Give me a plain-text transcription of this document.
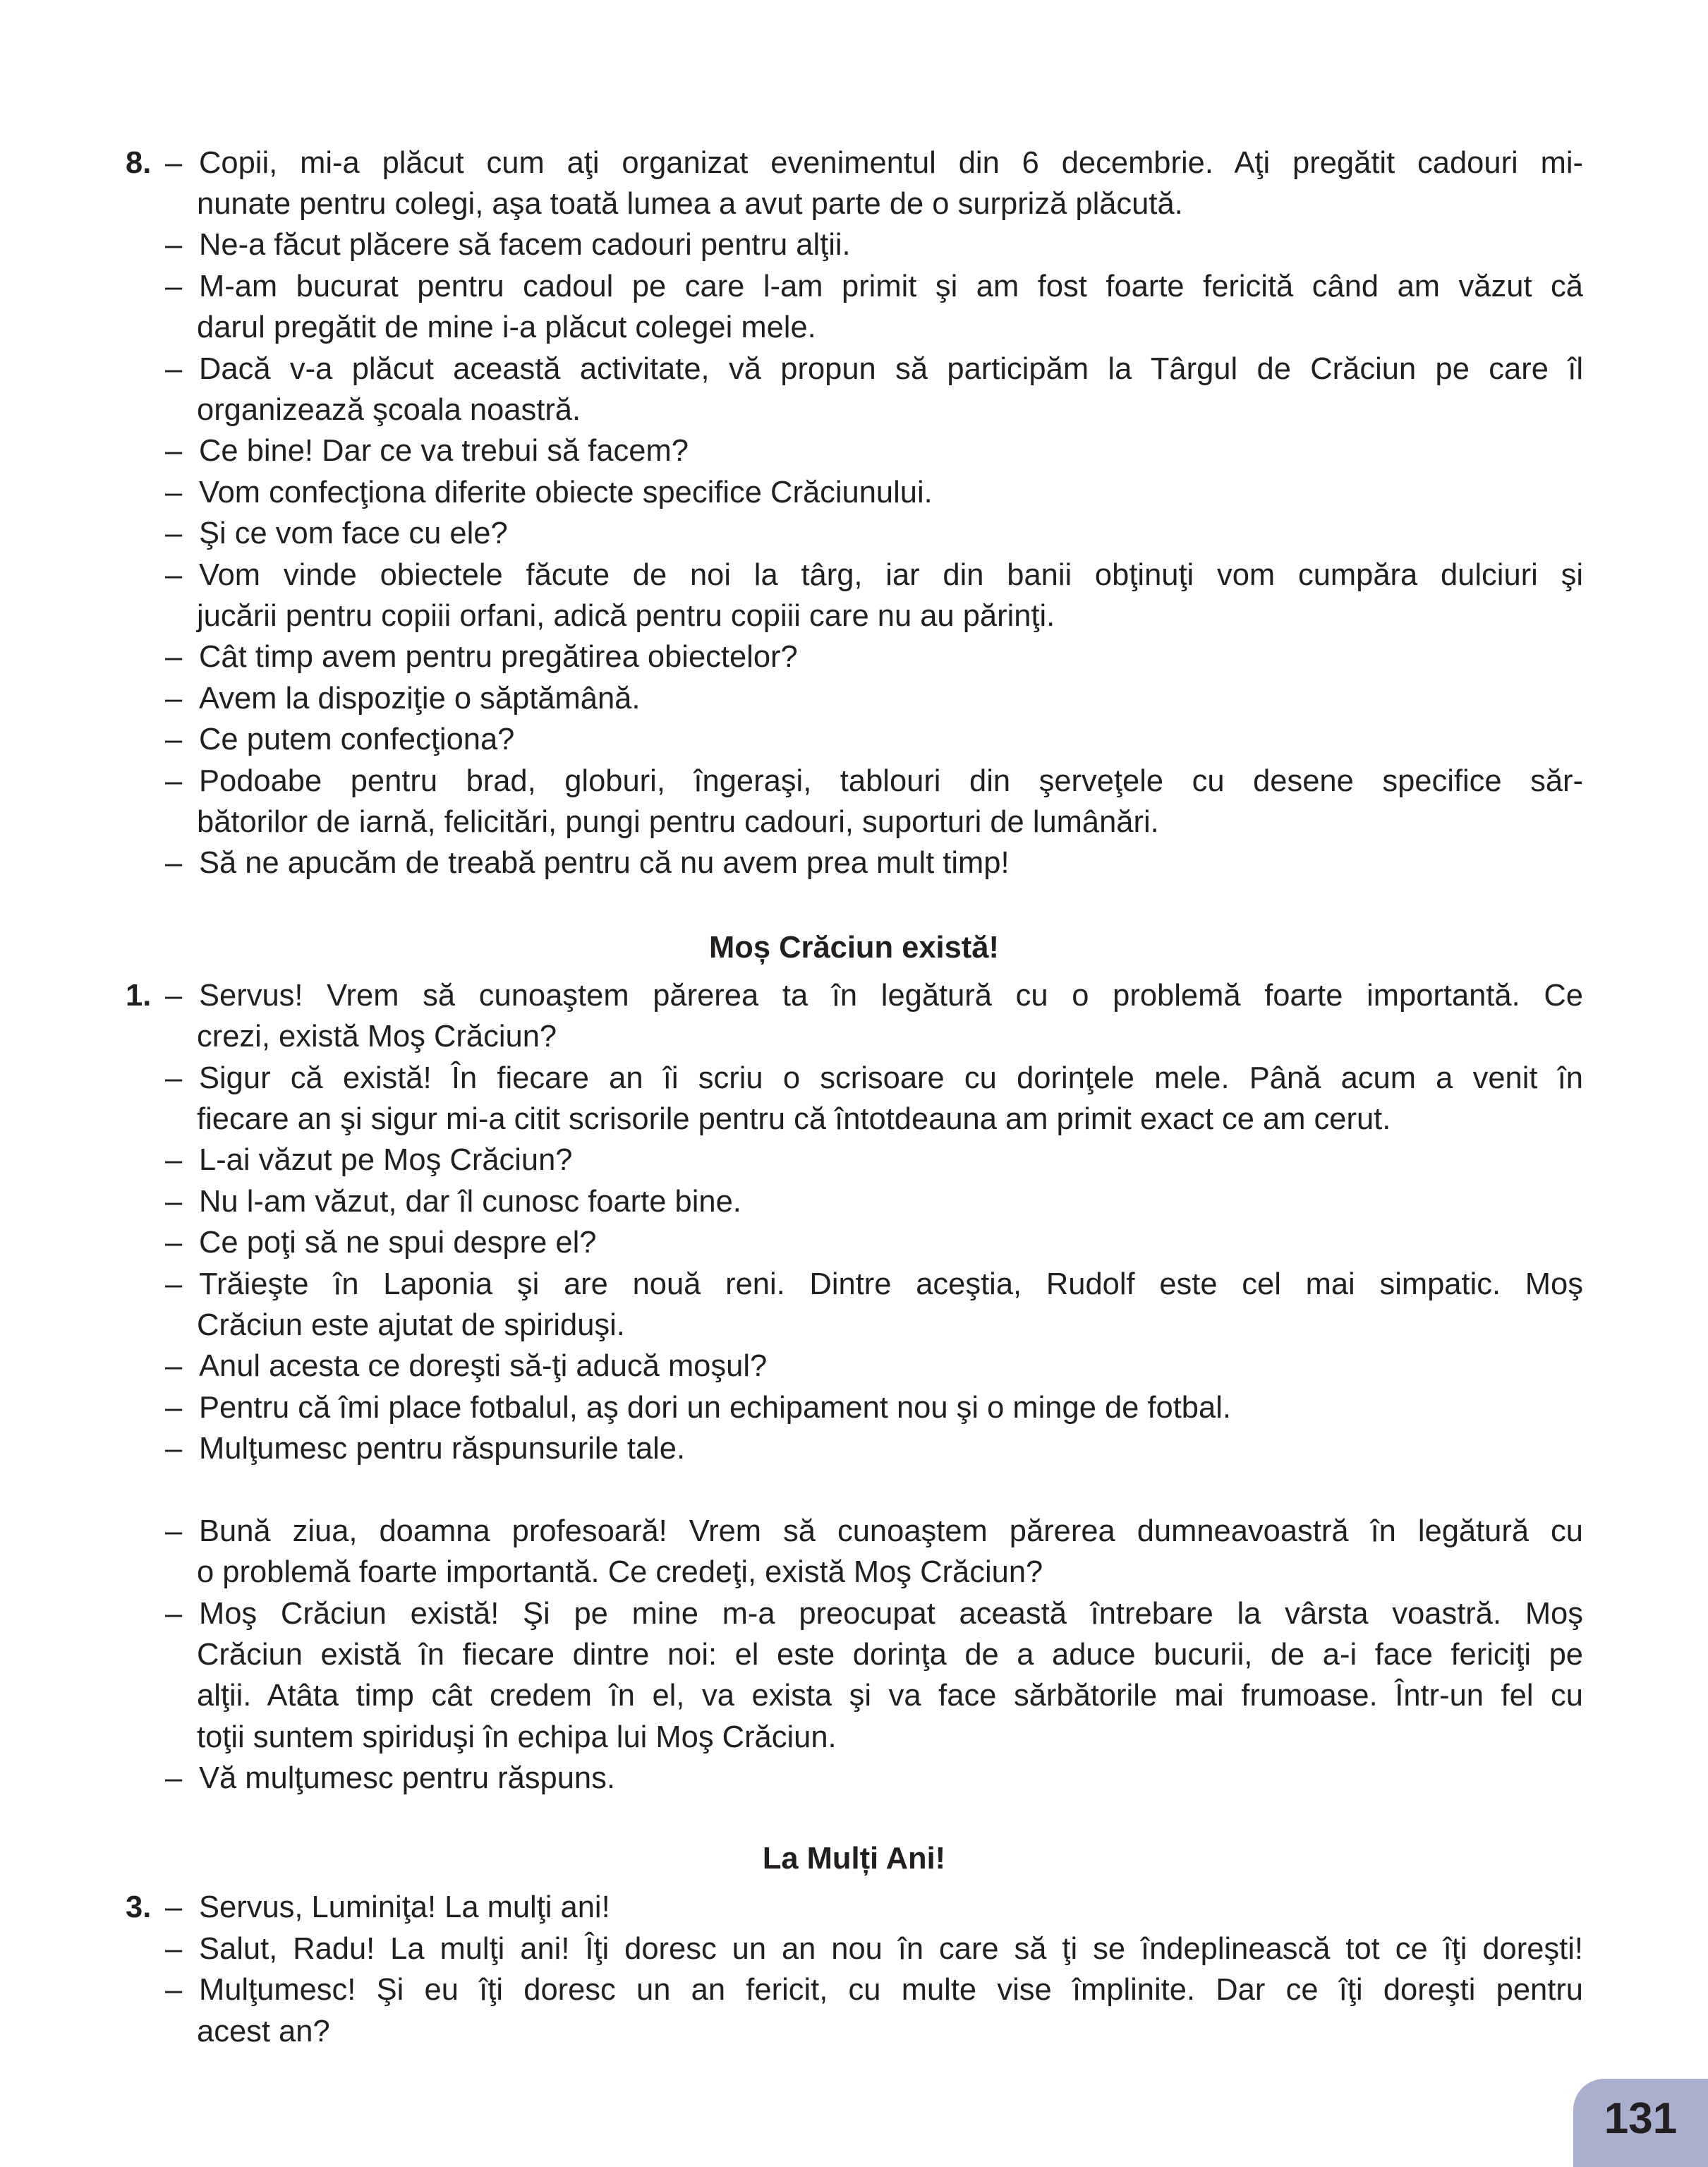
8. – Copii, mi-a plăcut cum aţi organizat evenimentul din 6 decembrie. Aţi pregătit cadouri mi-
nunate pentru colegi, aşa toată lumea a avut parte de o surpriză plăcută.
– Ne-a făcut plăcere să facem cadouri pentru alţii.
– M-am bucurat pentru cadoul pe care l-am primit şi am fost foarte fericită când am văzut că
darul pregătit de mine i-a plăcut colegei mele.
– Dacă v-a plăcut această activitate, vă propun să participăm la Târgul de Crăciun pe care îl
organizează şcoala noastră.
– Ce bine! Dar ce va trebui să facem?
– Vom confecţiona diferite obiecte specifice Crăciunului.
– Şi ce vom face cu ele?
– Vom vinde obiectele făcute de noi la târg, iar din banii obţinuţi vom cumpăra dulciuri şi
jucării pentru copiii orfani, adică pentru copiii care nu au părinţi.
– Cât timp avem pentru pregătirea obiectelor?
– Avem la dispoziţie o săptămână.
– Ce putem confecţiona?
– Podoabe pentru brad, globuri, îngeraşi, tablouri din şerveţele cu desene specifice săr-
bătorilor de iarnă, felicitări, pungi pentru cadouri, suporturi de lumânări.
– Să ne apucăm de treabă pentru că nu avem prea mult timp!
Moș Crăciun există!
1. – Servus! Vrem să cunoaştem părerea ta în legătură cu o problemă foarte importantă. Ce
crezi, există Moş Crăciun?
– Sigur că există! În fiecare an îi scriu o scrisoare cu dorinţele mele. Până acum a venit în
fiecare an şi sigur mi-a citit scrisorile pentru că întotdeauna am primit exact ce am cerut.
– L-ai văzut pe Moş Crăciun?
– Nu l-am văzut, dar îl cunosc foarte bine.
– Ce poţi să ne spui despre el?
– Trăieşte în Laponia şi are nouă reni. Dintre aceştia, Rudolf este cel mai simpatic. Moş
Crăciun este ajutat de spiriduşi.
– Anul acesta ce doreşti să-ţi aducă moşul?
– Pentru că îmi place fotbalul, aş dori un echipament nou şi o minge de fotbal.
– Mulţumesc pentru răspunsurile tale.
– Bună ziua, doamna profesoară! Vrem să cunoaştem părerea dumneavoastră în legătură cu
o problemă foarte importantă. Ce credeţi, există Moş Crăciun?
– Moş Crăciun există! Şi pe mine m-a preocupat această întrebare la vârsta voastră. Moş
Crăciun există în fiecare dintre noi: el este dorinţa de a aduce bucurii, de a-i face fericiţi pe
alţii. Atâta timp cât credem în el, va exista şi va face sărbătorile mai frumoase. Într-un fel cu
toţii suntem spiriduşi în echipa lui Moş Crăciun.
– Vă mulţumesc pentru răspuns.
La Mulți Ani!
3. – Servus, Luminiţa! La mulţi ani!
– Salut, Radu! La mulţi ani! Îţi doresc un an nou în care să ţi se îndeplinească tot ce îţi doreşti!
– Mulţumesc! Şi eu îţi doresc un an fericit, cu multe vise împlinite. Dar ce îţi doreşti pentru
acest an?
131
